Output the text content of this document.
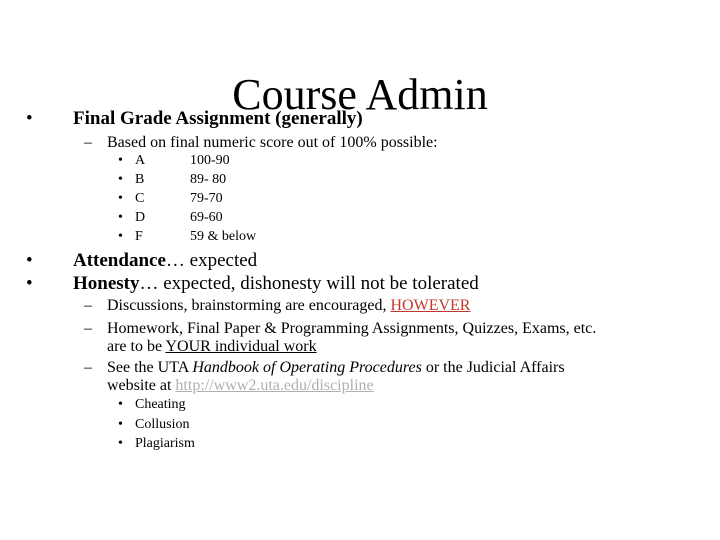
Course Admin
• Final Grade Assignment (generally)
– Based on final numeric score out of 100% possible:
• A	100-90
• B	89- 80
• C	79-70
• D	69-60
• F	59 & below
• Attendance… expected
• Honesty… expected, dishonesty will not be tolerated
– Discussions, brainstorming are encouraged, HOWEVER
– Homework, Final Paper & Programming Assignments, Quizzes, Exams, etc.
are to be YOUR individual work
– See the UTA Handbook of Operating Procedures or the Judicial Affairs
website at http://www2.uta.edu/discipline
• Cheating
• Collusion
• Plagiarism
